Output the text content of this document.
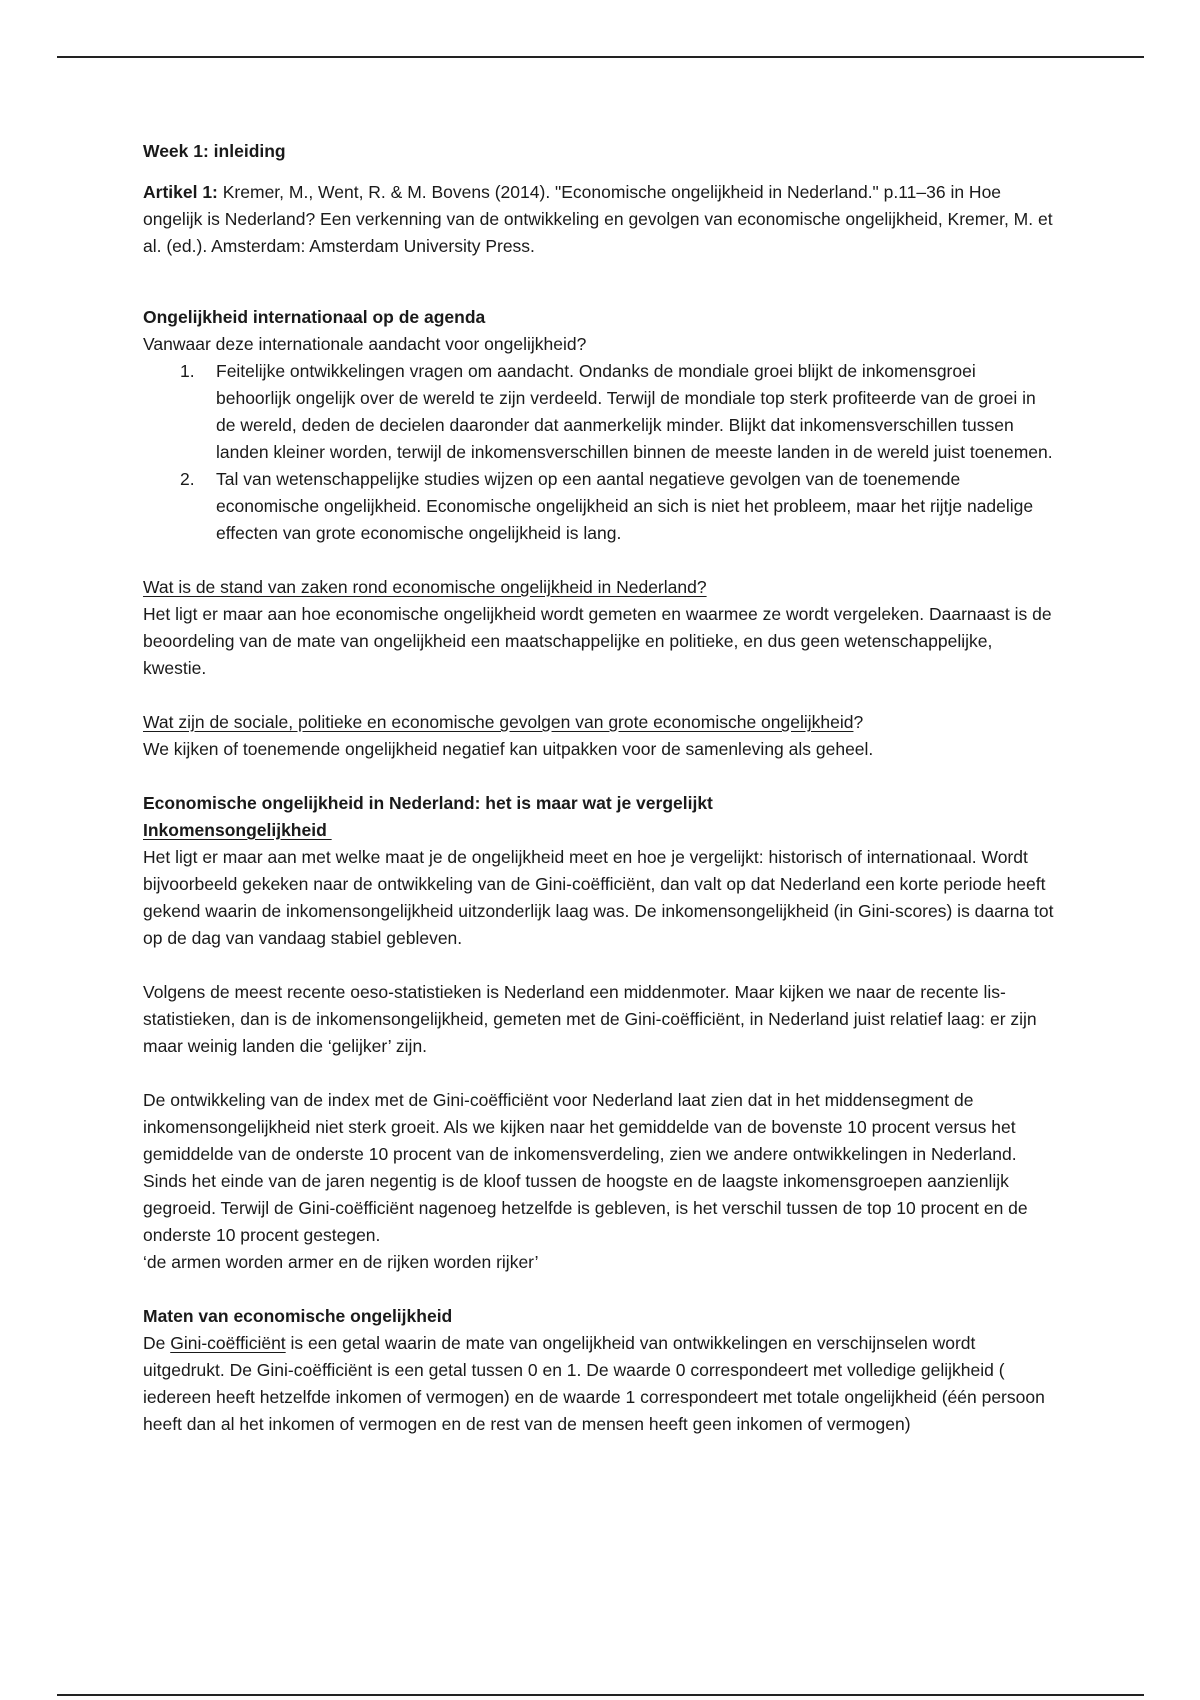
Week 1: inleiding

Artikel 1: Kremer, M., Went, R. & M. Bovens (2014). "Economische ongelijkheid in Nederland." p.11–36 in Hoe ongelijk is Nederland? Een verkenning van de ontwikkeling en gevolgen van economische ongelijkheid, Kremer, M. et al. (ed.). Amsterdam: Amsterdam University Press.

Ongelijkheid internationaal op de agenda

Vanwaar deze internationale aandacht voor ongelijkheid?

1. Feitelijke ontwikkelingen vragen om aandacht. Ondanks de mondiale groei blijkt de inkomensgroei behoorlijk ongelijk over de wereld te zijn verdeeld. Terwijl de mondiale top sterk profiteerde van de groei in de wereld, deden de decielen daaronder dat aanmerkelijk minder. Blijkt dat inkomensverschillen tussen landen kleiner worden, terwijl de inkomensverschillen binnen de meeste landen in de wereld juist toenemen.
2. Tal van wetenschappelijke studies wijzen op een aantal negatieve gevolgen van de toenemende economische ongelijkheid. Economische ongelijkheid an sich is niet het probleem, maar het rijtje nadelige effecten van grote economische ongelijkheid is lang.

Wat is de stand van zaken rond economische ongelijkheid in Nederland?

Het ligt er maar aan hoe economische ongelijkheid wordt gemeten en waarmee ze wordt vergeleken. Daarnaast is de beoordeling van de mate van ongelijkheid een maatschappelijke en politieke, en dus geen wetenschappelijke, kwestie.

Wat zijn de sociale, politieke en economische gevolgen van grote economische ongelijkheid?

We kijken of toenemende ongelijkheid negatief kan uitpakken voor de samenleving als geheel.

Economische ongelijkheid in Nederland: het is maar wat je vergelijkt

Inkomensongelijkheid

Het ligt er maar aan met welke maat je de ongelijkheid meet en hoe je vergelijkt: historisch of internationaal. Wordt bijvoorbeeld gekeken naar de ontwikkeling van de Gini-coëfficiënt, dan valt op dat Nederland een korte periode heeft gekend waarin de inkomensongelijkheid uitzonderlijk laag was. De inkomensongelijkheid (in Gini-scores) is daarna tot op de dag van vandaag stabiel gebleven.

Volgens de meest recente oeso-statistieken is Nederland een middenmoter. Maar kijken we naar de recente lis-statistieken, dan is de inkomensongelijkheid, gemeten met de Gini-coëfficiënt, in Nederland juist relatief laag: er zijn maar weinig landen die ‘gelijker’ zijn.

De ontwikkeling van de index met de Gini-coëfficiënt voor Nederland laat zien dat in het middensegment de inkomensongelijkheid niet sterk groeit. Als we kijken naar het gemiddelde van de bovenste 10 procent versus het gemiddelde van de onderste 10 procent van de inkomensverdeling, zien we andere ontwikkelingen in Nederland. Sinds het einde van de jaren negentig is de kloof tussen de hoogste en de laagste inkomensgroepen aanzienlijk gegroeid. Terwijl de Gini-coëfficiënt nagenoeg hetzelfde is gebleven, is het verschil tussen de top 10 procent en de onderste 10 procent gestegen.

‘de armen worden armer en de rijken worden rijker’

Maten van economische ongelijkheid

De Gini-coëfficiënt is een getal waarin de mate van ongelijkheid van ontwikkelingen en verschijnselen wordt uitgedrukt. De Gini-coëfficiënt is een getal tussen 0 en 1. De waarde 0 correspondeert met volledige gelijkheid ( iedereen heeft hetzelfde inkomen of vermogen) en de waarde 1 correspondeert met totale ongelijkheid (één persoon heeft dan al het inkomen of vermogen en de rest van de mensen heeft geen inkomen of vermogen)
